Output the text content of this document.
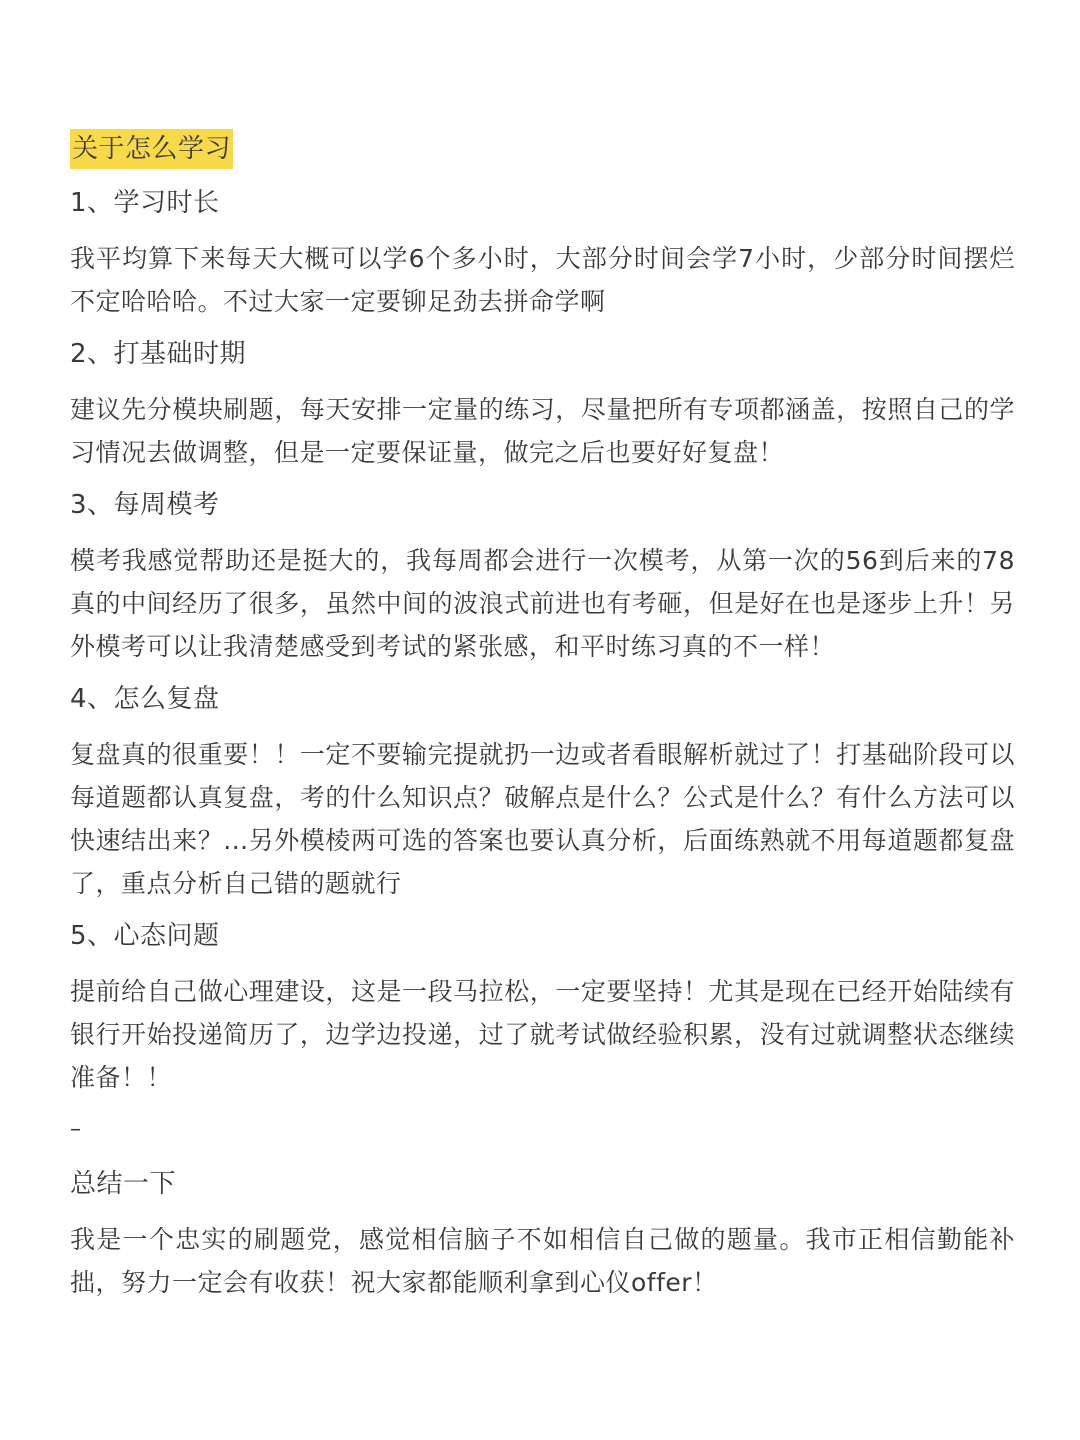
关于怎么学习
1、学习时长
我平均算下来每天大概可以学6个多小时，大部分时间会学7小时，少部分时间摆烂不定哈哈哈。不过大家一定要铆足劲去拼命学啊
2、打基础时期
建议先分模块刷题，每天安排一定量的练习，尽量把所有专项都涵盖，按照自己的学习情况去做调整，但是一定要保证量，做完之后也要好好复盘！
3、每周模考
模考我感觉帮助还是挺大的，我每周都会进行一次模考，从第一次的56到后来的78真的中间经历了很多，虽然中间的波浪式前进也有考砸，但是好在也是逐步上升！另外模考可以让我清楚感受到考试的紧张感，和平时练习真的不一样！
4、怎么复盘
复盘真的很重要！！一定不要输完提就扔一边或者看眼解析就过了！打基础阶段可以每道题都认真复盘，考的什么知识点？破解点是什么？公式是什么？有什么方法可以快速结出来？...另外模棱两可选的答案也要认真分析，后面练熟就不用每道题都复盘了，重点分析自己错的题就行
5、心态问题
提前给自己做心理建设，这是一段马拉松，一定要坚持！尤其是现在已经开始陆续有银行开始投递简历了，边学边投递，过了就考试做经验积累，没有过就调整状态继续准备！！
–
总结一下
我是一个忠实的刷题党，感觉相信脑子不如相信自己做的题量。我市正相信勤能补拙，努力一定会有收获！祝大家都能顺利拿到心仪offer！
